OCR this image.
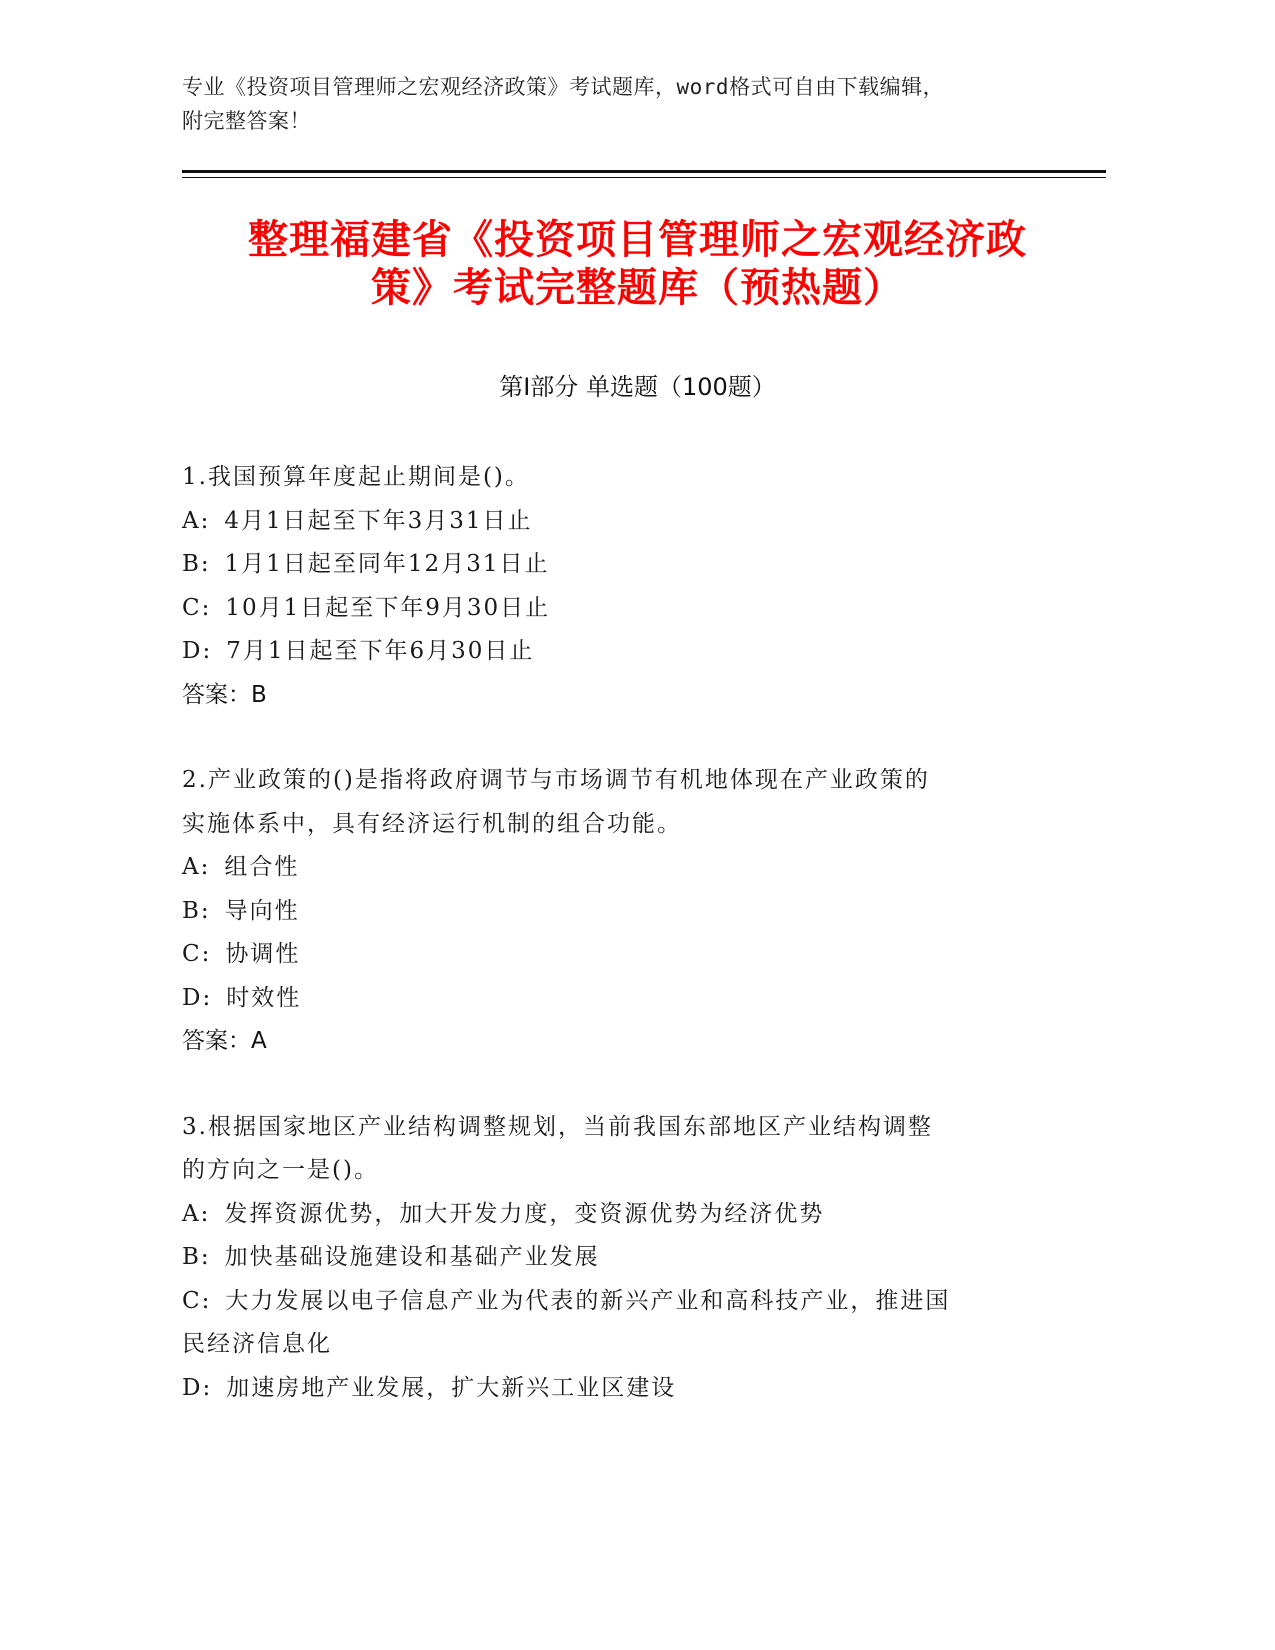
专业《投资项目管理师之宏观经济政策》考试题库，word格式可自由下载编辑，
附完整答案！
整理福建省《投资项目管理师之宏观经济政
策》考试完整题库（预热题）
第Ⅰ部分 单选题（100题）
1.我国预算年度起止期间是()。
A: 4月1日起至下年3月31日止
B: 1月1日起至同年12月31日止
C: 10月1日起至下年9月30日止
D: 7月1日起至下年6月30日止
答案：B
2.产业政策的()是指将政府调节与市场调节有机地体现在产业政策的
实施体系中，具有经济运行机制的组合功能。
A: 组合性
B: 导向性
C: 协调性
D: 时效性
答案：A
3.根据国家地区产业结构调整规划，当前我国东部地区产业结构调整
的方向之一是()。
A: 发挥资源优势，加大开发力度，变资源优势为经济优势
B: 加快基础设施建设和基础产业发展
C: 大力发展以电子信息产业为代表的新兴产业和高科技产业，推进国
民经济信息化
D: 加速房地产业发展，扩大新兴工业区建设
